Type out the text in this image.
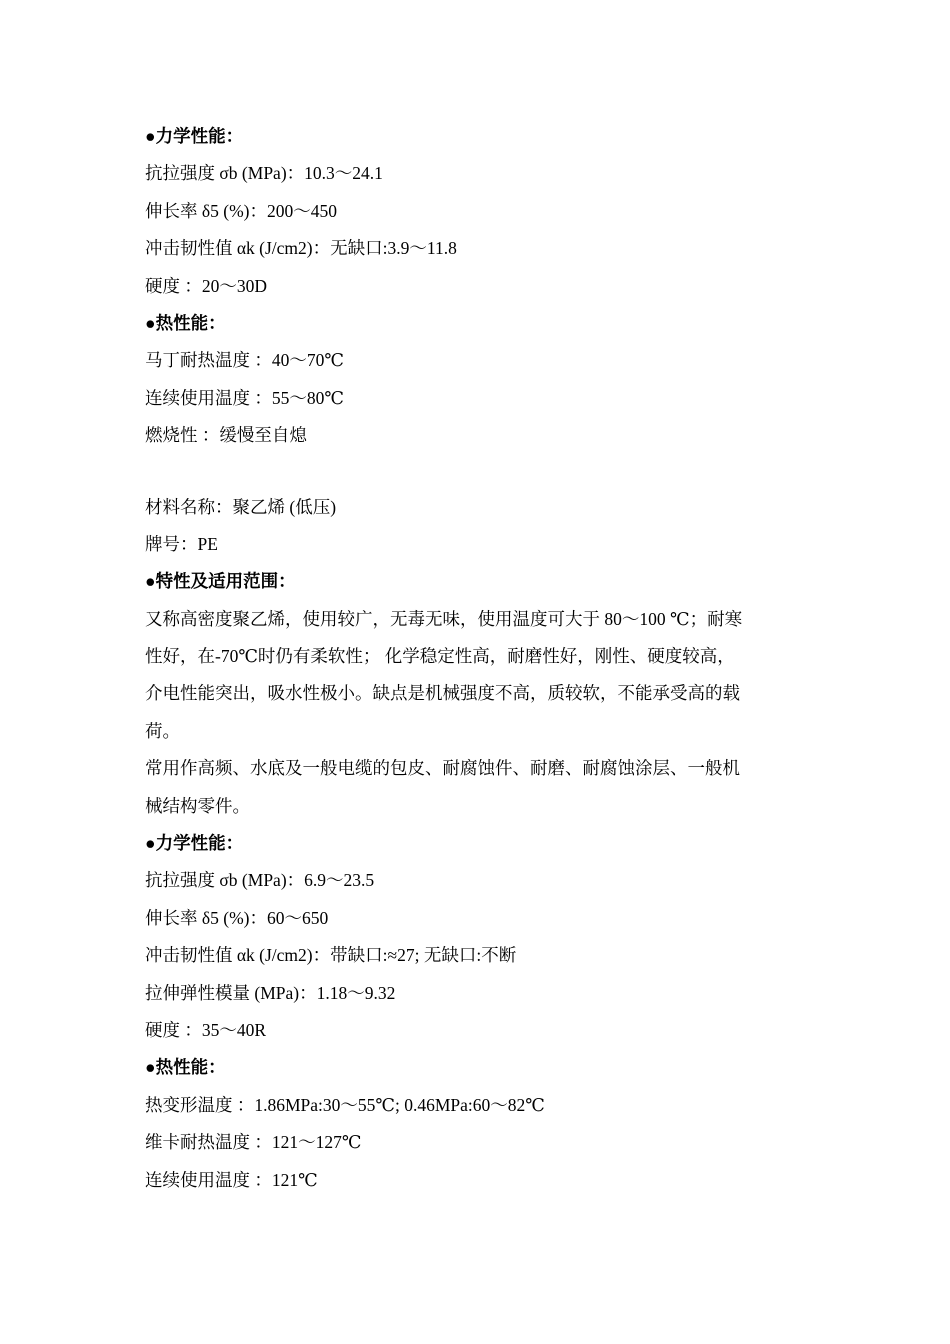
●力学性能：
抗拉强度 σb (MPa)：10.3～24.1
伸长率 δ5 (%)：200～450
冲击韧性值 αk (J/cm2)：无缺口:3.9～11.8
硬度 ：20～30D
●热性能：
马丁耐热温度 ：40～70℃
连续使用温度 ：55～80℃
燃烧性 ：缓慢至自熄
材料名称：聚乙烯 (低压)
牌号：PE
●特性及适用范围：
又称高密度聚乙烯，使用较广，无毒无味，使用温度可大于 80～100 ℃；耐寒
性好，在-70℃时仍有柔软性； 化学稳定性高，耐磨性好，刚性、硬度较高，
介电性能突出，吸水性极小。缺点是机械强度不高，质较软，不能承受高的载
荷。
常用作高频、水底及一般电缆的包皮、耐腐蚀件、耐磨、耐腐蚀涂层、一般机
械结构零件。
●力学性能：
抗拉强度 σb (MPa)：6.9～23.5
伸长率 δ5 (%)：60～650
冲击韧性值 αk (J/cm2)：带缺口:≈27; 无缺口:不断
拉伸弹性模量 (MPa)：1.18～9.32
硬度 ：35～40R
●热性能：
热变形温度 ：1.86MPa:30～55℃; 0.46MPa:60～82℃
维卡耐热温度 ：121～127℃
连续使用温度 ：121℃
